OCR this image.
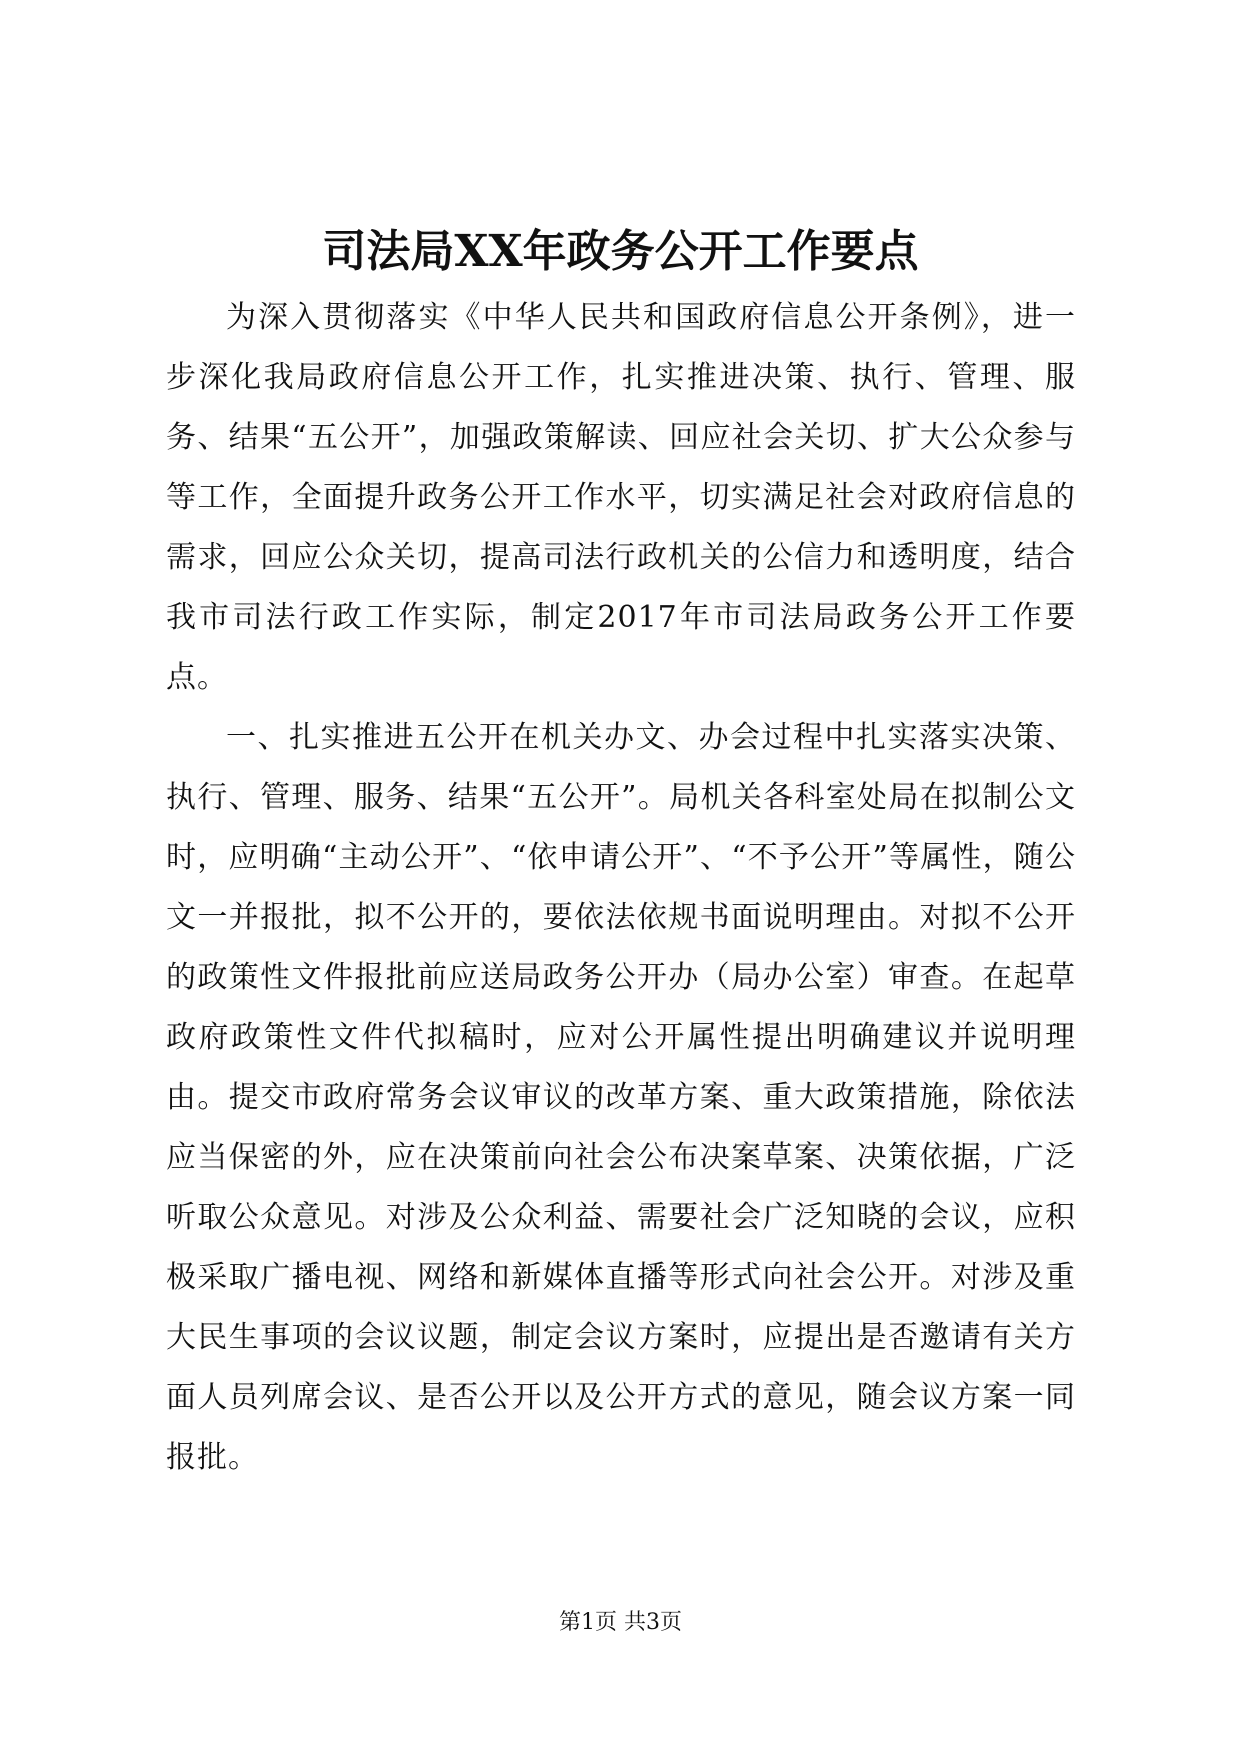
司法局XX年政务公开工作要点

为深入贯彻落实《中华人民共和国政府信息公开条例》，进一步深化我局政府信息公开工作，扎实推进决策、执行、管理、服务、结果“五公开”，加强政策解读、回应社会关切、扩大公众参与等工作，全面提升政务公开工作水平，切实满足社会对政府信息的需求，回应公众关切，提高司法行政机关的公信力和透明度，结合我市司法行政工作实际，制定2017年市司法局政务公开工作要点。

一、扎实推进五公开在机关办文、办会过程中扎实落实决策、执行、管理、服务、结果“五公开”。局机关各科室处局在拟制公文时，应明确“主动公开”、“依申请公开”、“不予公开”等属性，随公文一并报批，拟不公开的，要依法依规书面说明理由。对拟不公开的政策性文件报批前应送局政务公开办（局办公室）审查。在起草政府政策性文件代拟稿时，应对公开属性提出明确建议并说明理由。提交市政府常务会议审议的改革方案、重大政策措施，除依法应当保密的外，应在决策前向社会公布决案草案、决策依据，广泛听取公众意见。对涉及公众利益、需要社会广泛知晓的会议，应积极采取广播电视、网络和新媒体直播等形式向社会公开。对涉及重大民生事项的会议议题，制定会议方案时，应提出是否邀请有关方面人员列席会议、是否公开以及公开方式的意见，随会议方案一同报批。

第1页 共3页
